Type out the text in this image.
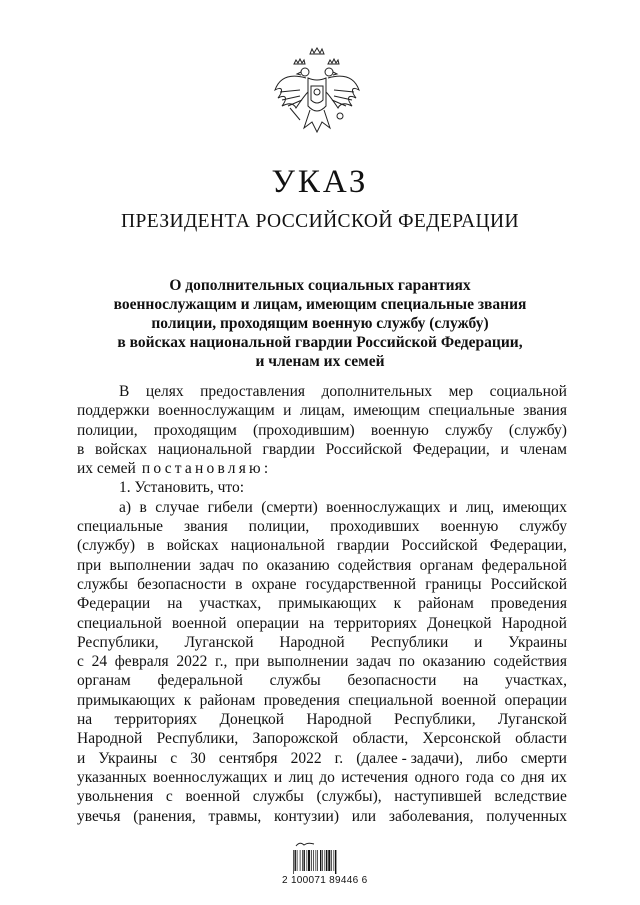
УКАЗ
ПРЕЗИДЕНТА РОССИЙСКОЙ ФЕДЕРАЦИИ
О дополнительных социальных гарантиях
военнослужащим и лицам, имеющим специальные звания
полиции, проходящим военную службу (службу)
в войсках национальной гвардии Российской Федерации,
и членам их семей
В целях предоставления дополнительных мер социальной
поддержки военнослужащим и лицам, имеющим специальные звания
полиции, проходящим (проходившим) военную службу (службу)
в войсках национальной гвардии Российской Федерации, и членам
их семей постановляю:
1. Установить, что:
а) в случае гибели (смерти) военнослужащих и лиц, имеющих
специальные звания полиции, проходивших военную службу
(службу) в войсках национальной гвардии Российской Федерации,
при выполнении задач по оказанию содействия органам федеральной
службы безопасности в охране государственной границы Российской
Федерации на участках, примыкающих к районам проведения
специальной военной операции на территориях Донецкой Народной
Республики, Луганской Народной Республики и Украины
с 24 февраля 2022 г., при выполнении задач по оказанию содействия
органам федеральной службы безопасности на участках,
примыкающих к районам проведения специальной военной операции
на территориях Донецкой Народной Республики, Луганской
Народной Республики, Запорожской области, Херсонской области
и Украины с 30 сентября 2022 г. (далее - задачи), либо смерти
указанных военнослужащих и лиц до истечения одного года со дня их
увольнения с военной службы (службы), наступившей вследствие
увечья (ранения, травмы, контузии) или заболевания, полученных
2 100071 89446 6
